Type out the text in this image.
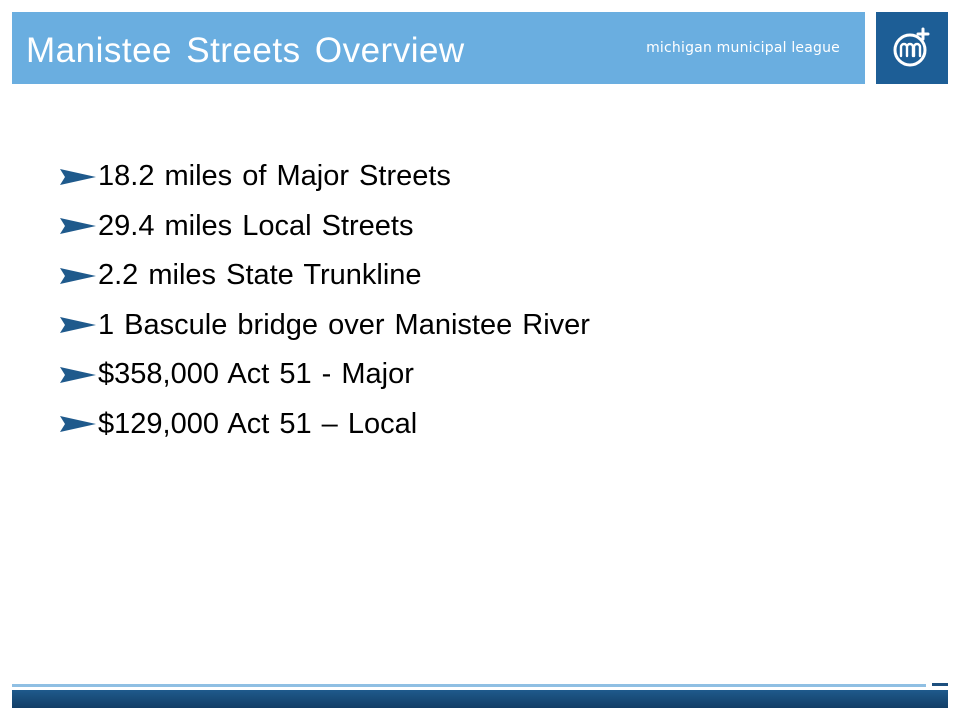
Manistee Streets Overview	michigan municipal league
18.2 miles of Major Streets
29.4 miles Local Streets
2.2 miles State Trunkline
1 Bascule bridge over Manistee River
$358,000 Act 51 - Major
$129,000 Act 51 – Local
